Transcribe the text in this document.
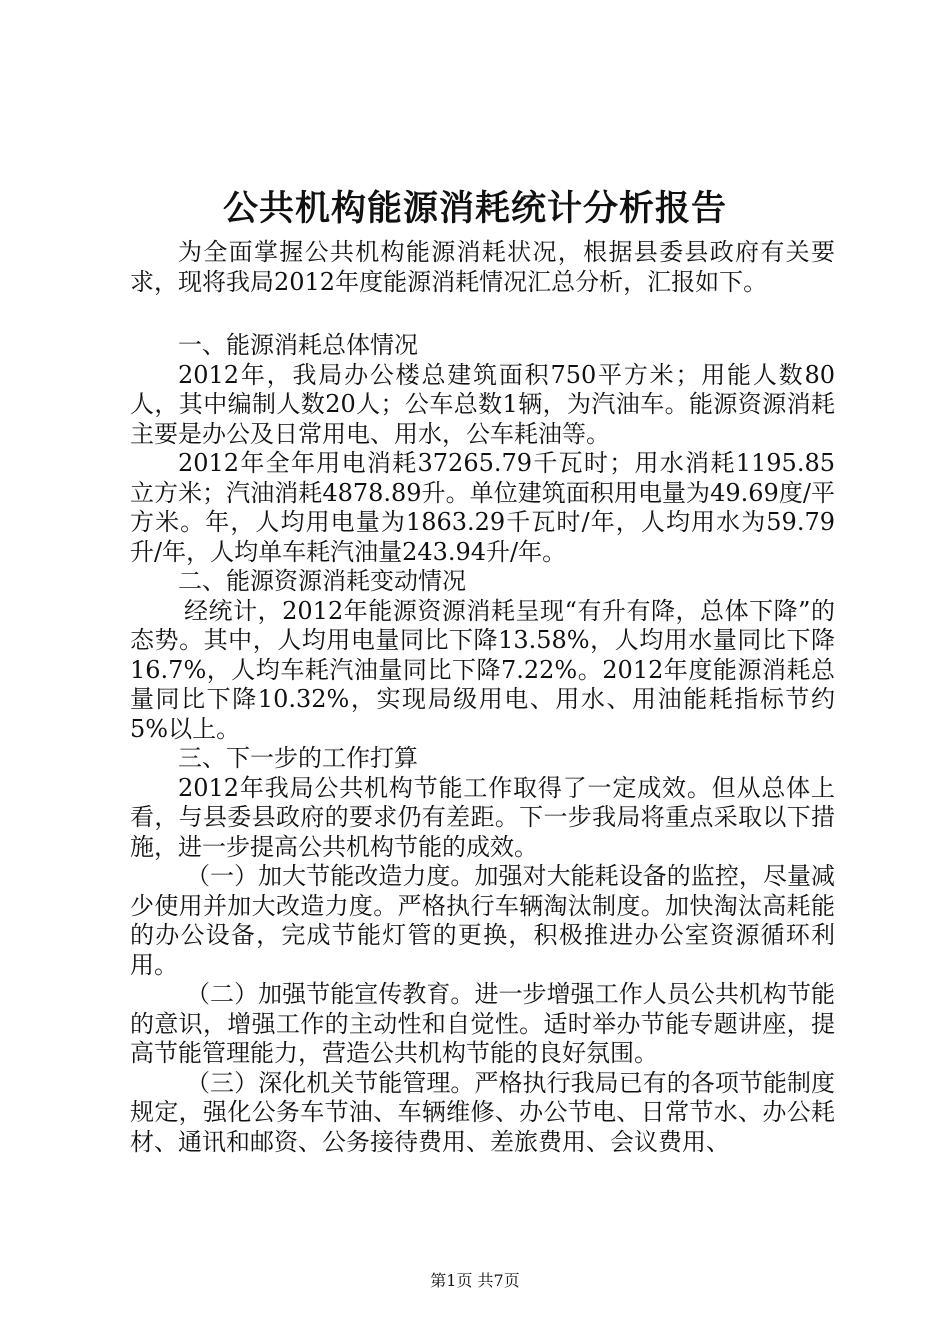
公共机构能源消耗统计分析报告

为全面掌握公共机构能源消耗状况，根据县委县政府有关要求，现将我局2012年度能源消耗情况汇总分析，汇报如下。

一、能源消耗总体情况

2012年，我局办公楼总建筑面积750平方米；用能人数80人，其中编制人数20人；公车总数1辆，为汽油车。能源资源消耗主要是办公及日常用电、用水，公车耗油等。

2012年全年用电消耗37265.79千瓦时；用水消耗1195.85立方米；汽油消耗4878.89升。单位建筑面积用电量为49.69度/平方米。年，人均用电量为1863.29千瓦时/年，人均用水为59.79升/年，人均单车耗汽油量243.94升/年。

二、能源资源消耗变动情况

经统计，2012年能源资源消耗呈现“有升有降，总体下降”的态势。其中，人均用电量同比下降13.58%，人均用水量同比下降16.7%，人均车耗汽油量同比下降7.22%。2012年度能源消耗总量同比下降10.32%，实现局级用电、用水、用油能耗指标节约5%以上。

三、下一步的工作打算

2012年我局公共机构节能工作取得了一定成效。但从总体上看，与县委县政府的要求仍有差距。下一步我局将重点采取以下措施，进一步提高公共机构节能的成效。

（一）加大节能改造力度。加强对大能耗设备的监控，尽量减少使用并加大改造力度。严格执行车辆淘汰制度。加快淘汰高耗能的办公设备，完成节能灯管的更换，积极推进办公室资源循环利用。

（二）加强节能宣传教育。进一步增强工作人员公共机构节能的意识，增强工作的主动性和自觉性。适时举办节能专题讲座，提高节能管理能力，营造公共机构节能的良好氛围。

（三）深化机关节能管理。严格执行我局已有的各项节能制度规定，强化公务车节油、车辆维修、办公节电、日常节水、办公耗材、通讯和邮资、公务接待费用、差旅费用、会议费用、

第1页 共7页
